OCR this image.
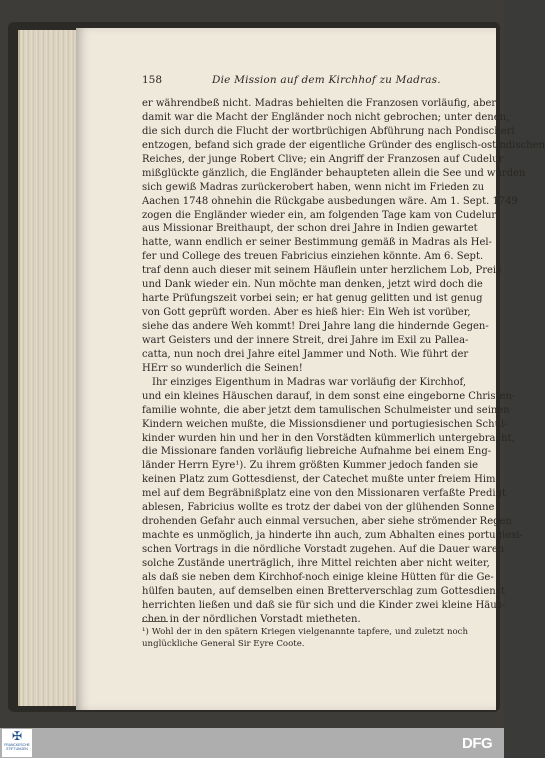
158	Die Mission auf dem Kirchhof zu Madras.
er währendbeß nicht. Madras behielten die Franzosen vorläufig, aber
damit war die Macht der Engländer noch nicht gebrochen; unter denen,
die sich durch die Flucht der wortbrüchigen Abführung nach Pondischeri
entzogen, befand sich grade der eigentliche Gründer des englisch-ostindischen
Reiches, der junge Robert Clive; ein Angriff der Franzosen auf Cudelur
mißglückte gänzlich, die Engländer behaupteten allein die See und würden
sich gewiß Madras zurückerobert haben, wenn nicht im Frieden zu
Aachen 1748 ohnehin die Rückgabe ausbedungen wäre. Am 1. Sept. 1749
zogen die Engländer wieder ein, am folgenden Tage kam von Cudelur
aus Missionar Breithaupt, der schon drei Jahre in Indien gewartet
hatte, wann endlich er seiner Bestimmung gemäß in Madras als Hel-
fer und College des treuen Fabricius einziehen könnte. Am 6. Sept.
traf denn auch dieser mit seinem Häuflein unter herzlichem Lob, Preis
und Dank wieder ein. Nun möchte man denken, jetzt wird doch die
harte Prüfungszeit vorbei sein; er hat genug gelitten und ist genug
von Gott geprüft worden. Aber es hieß hier: Ein Weh ist vorüber,
siehe das andere Weh kommt! Drei Jahre lang die hindernde Gegen-
wart Geisters und der innere Streit, drei Jahre im Exil zu Pallea-
catta, nun noch drei Jahre eitel Jammer und Noth. Wie führt der
HErr so wunderlich die Seinen!
Ihr einziges Eigenthum in Madras war vorläufig der Kirchhof,
und ein kleines Häuschen darauf, in dem sonst eine eingeborne Christen-
familie wohnte, die aber jetzt dem tamulischen Schulmeister und seinen
Kindern weichen mußte, die Missionsdiener und portugiesischen Schul-
kinder wurden hin und her in den Vorstädten kümmerlich untergebracht,
die Missionare fanden vorläufig liebreiche Aufnahme bei einem Eng-
länder Herrn Eyre¹). Zu ihrem größten Kummer jedoch fanden sie
keinen Platz zum Gottesdienst, der Catechet mußte unter freiem Him-
mel auf dem Begräbnißplatz eine von den Missionaren verfaßte Predigt
ablesen, Fabricius wollte es trotz der dabei von der glühenden Sonne
drohenden Gefahr auch einmal versuchen, aber siehe strömender Regen
machte es unmöglich, ja hinderte ihn auch, zum Abhalten eines portugiesi-
schen Vortrags in die nördliche Vorstadt zugehen. Auf die Dauer waren
solche Zustände unerträglich, ihre Mittel reichten aber nicht weiter,
als daß sie neben dem Kirchhof-noch einige kleine Hütten für die Ge-
hülfen bauten, auf demselben einen Bretterverschlag zum Gottesdienst
herrichten ließen und daß sie für sich und die Kinder zwei kleine Häus-
chen in der nördlichen Vorstadt mietheten.
¹) Wohl der in den spätern Kriegen vielgenannte tapfere, und zuletzt noch
unglückliche General Sir Eyre Coote.
✠
FRANCKESCHE STIFTUNGEN	DFG
